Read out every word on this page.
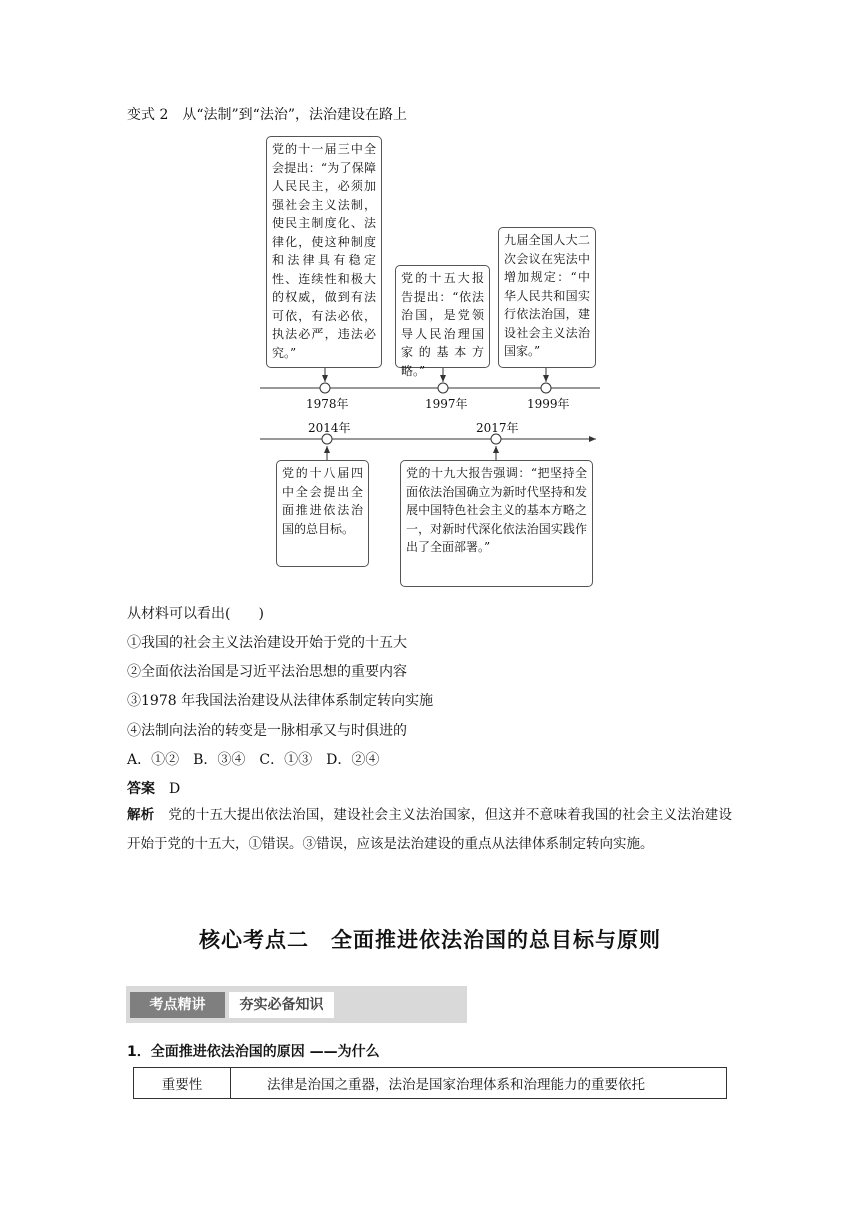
变式 2　从“法制”到“法治”，法治建设在路上
党的十一届三中全会提出：“为了保障人民民主，必须加强社会主义法制，使民主制度化、法律化，使这种制度和法律具有稳定性、连续性和极大的权威，做到有法可依，有法必依，执法必严，违法必究。”
党的十五大报告提出：“依法治国，是党领导人民治理国家的基本方略。”
九届全国人大二次会议在宪法中增加规定：“中华人民共和国实行依法治国，建设社会主义法治国家。”
党的十八届四中全会提出全面推进依法治国的总目标。
党的十九大报告强调：“把坚持全面依法治国确立为新时代坚持和发展中国特色社会主义的基本方略之一，对新时代深化依法治国实践作出了全面部署。”
1978年	1997年	1999年
2014年	2017年
从材料可以看出(　　)
①我国的社会主义法治建设开始于党的十五大
②全面依法治国是习近平法治思想的重要内容
③1978 年我国法治建设从法律体系制定转向实施
④法制向法治的转变是一脉相承又与时俱进的
A．①②　B．③④　C．①③　D．②④
答案　 D
解析　 党的十五大提出依法治国，建设社会主义法治国家，但这并不意味着我国的社会主义法治建设开始于党的十五大，①错误。③错误，应该是法治建设的重点从法律体系制定转向实施。
核心考点二　全面推进依法治国的总目标与原则
考点精讲	夯实必备知识
1．全面推进依法治国的原因 ——为什么
重要性	法律是治国之重器，法治是国家治理体系和治理能力的重要依托
